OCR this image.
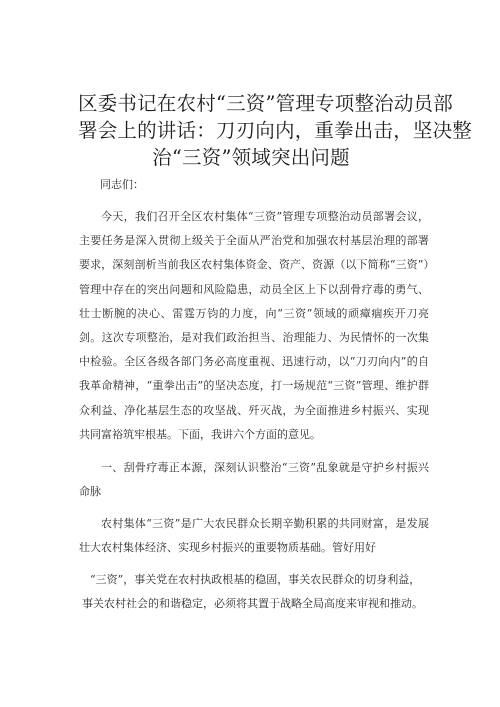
区委书记在农村“三资”管理专项整治动员部
署会上的讲话：刀刃向内，重拳出击，坚决整
治“三资”领域突出问题
同志们：

今天，我们召开全区农村集体“三资”管理专项整治动员部署会议，主要任务是深入贯彻上级关于全面从严治党和加强农村基层治理的部署要求，深刻剖析当前我区农村集体资金、资产、资源（以下简称“三资”）管理中存在的突出问题和风险隐患，动员全区上下以刮骨疗毒的勇气、壮士断腕的决心、雷霆万钧的力度，向“三资”领域的顽瘴痼疾开刀亮剑。这次专项整治，是对我们政治担当、治理能力、为民情怀的一次集中检验。全区各级各部门务必高度重视、迅速行动，以“刀刃向内”的自我革命精神，“重拳出击”的坚决态度，打一场规范“三资”管理、维护群众利益、净化基层生态的攻坚战、歼灭战，为全面推进乡村振兴、实现共同富裕筑牢根基。下面，我讲六个方面的意见。

一、刮骨疗毒正本源，深刻认识整治“三资”乱象就是守护乡村振兴命脉

农村集体“三资”是广大农民群众长期辛勤积累的共同财富，是发展壮大农村集体经济、实现乡村振兴的重要物质基础。管好用好

“三资”，事关党在农村执政根基的稳固，事关农民群众的切身利益，
事关农村社会的和谐稳定，必须将其置于战略全局高度来审视和推动。
